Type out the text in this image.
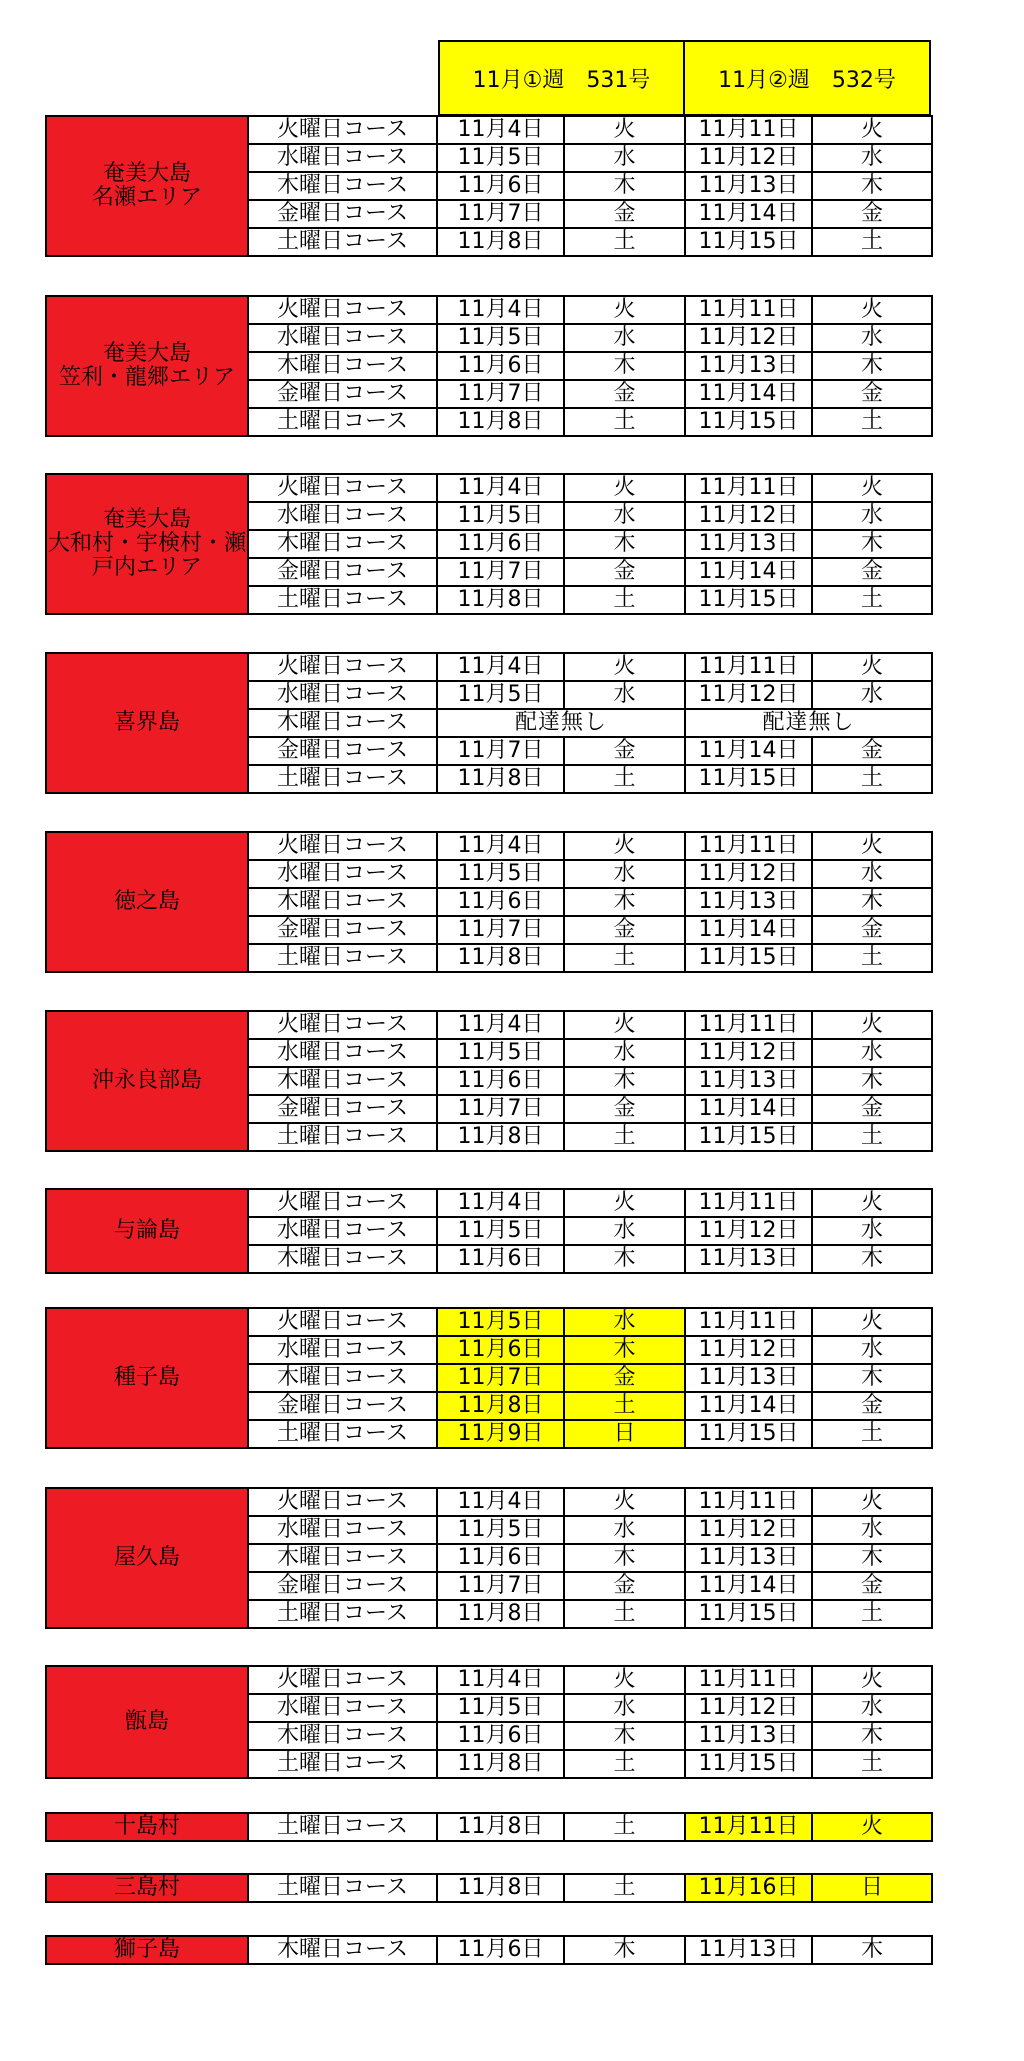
11月①週　531号	11月②週　532号
奄美大島
名瀬エリア	火曜日コース	11月4日	火	11月11日	火
	水曜日コース	11月5日	水	11月12日	水
	木曜日コース	11月6日	木	11月13日	木
	金曜日コース	11月7日	金	11月14日	金
	土曜日コース	11月8日	土	11月15日	土
奄美大島
笠利・龍郷エリア	火曜日コース	11月4日	火	11月11日	火
	水曜日コース	11月5日	水	11月12日	水
	木曜日コース	11月6日	木	11月13日	木
	金曜日コース	11月7日	金	11月14日	金
	土曜日コース	11月8日	土	11月15日	土
奄美大島
大和村・宇検村・瀬戸内エリア	火曜日コース	11月4日	火	11月11日	火
	水曜日コース	11月5日	水	11月12日	水
	木曜日コース	11月6日	木	11月13日	木
	金曜日コース	11月7日	金	11月14日	金
	土曜日コース	11月8日	土	11月15日	土
喜界島	火曜日コース	11月4日	火	11月11日	火
	水曜日コース	11月5日	水	11月12日	水
	木曜日コース	配達無し		配達無し	
	金曜日コース	11月7日	金	11月14日	金
	土曜日コース	11月8日	土	11月15日	土
徳之島	火曜日コース	11月4日	火	11月11日	火
	水曜日コース	11月5日	水	11月12日	水
	木曜日コース	11月6日	木	11月13日	木
	金曜日コース	11月7日	金	11月14日	金
	土曜日コース	11月8日	土	11月15日	土
沖永良部島	火曜日コース	11月4日	火	11月11日	火
	水曜日コース	11月5日	水	11月12日	水
	木曜日コース	11月6日	木	11月13日	木
	金曜日コース	11月7日	金	11月14日	金
	土曜日コース	11月8日	土	11月15日	土
与論島	火曜日コース	11月4日	火	11月11日	火
	水曜日コース	11月5日	水	11月12日	水
	木曜日コース	11月6日	木	11月13日	木
種子島	火曜日コース	11月5日	水	11月11日	火
	水曜日コース	11月6日	木	11月12日	水
	木曜日コース	11月7日	金	11月13日	木
	金曜日コース	11月8日	土	11月14日	金
	土曜日コース	11月9日	日	11月15日	土
屋久島	火曜日コース	11月4日	火	11月11日	火
	水曜日コース	11月5日	水	11月12日	水
	木曜日コース	11月6日	木	11月13日	木
	金曜日コース	11月7日	金	11月14日	金
	土曜日コース	11月8日	土	11月15日	土
甑島	火曜日コース	11月4日	火	11月11日	火
	水曜日コース	11月5日	水	11月12日	水
	木曜日コース	11月6日	木	11月13日	木
	土曜日コース	11月8日	土	11月15日	土
十島村	土曜日コース	11月8日	土	11月11日	火
三島村	土曜日コース	11月8日	土	11月16日	日
獅子島	木曜日コース	11月6日	木	11月13日	木
